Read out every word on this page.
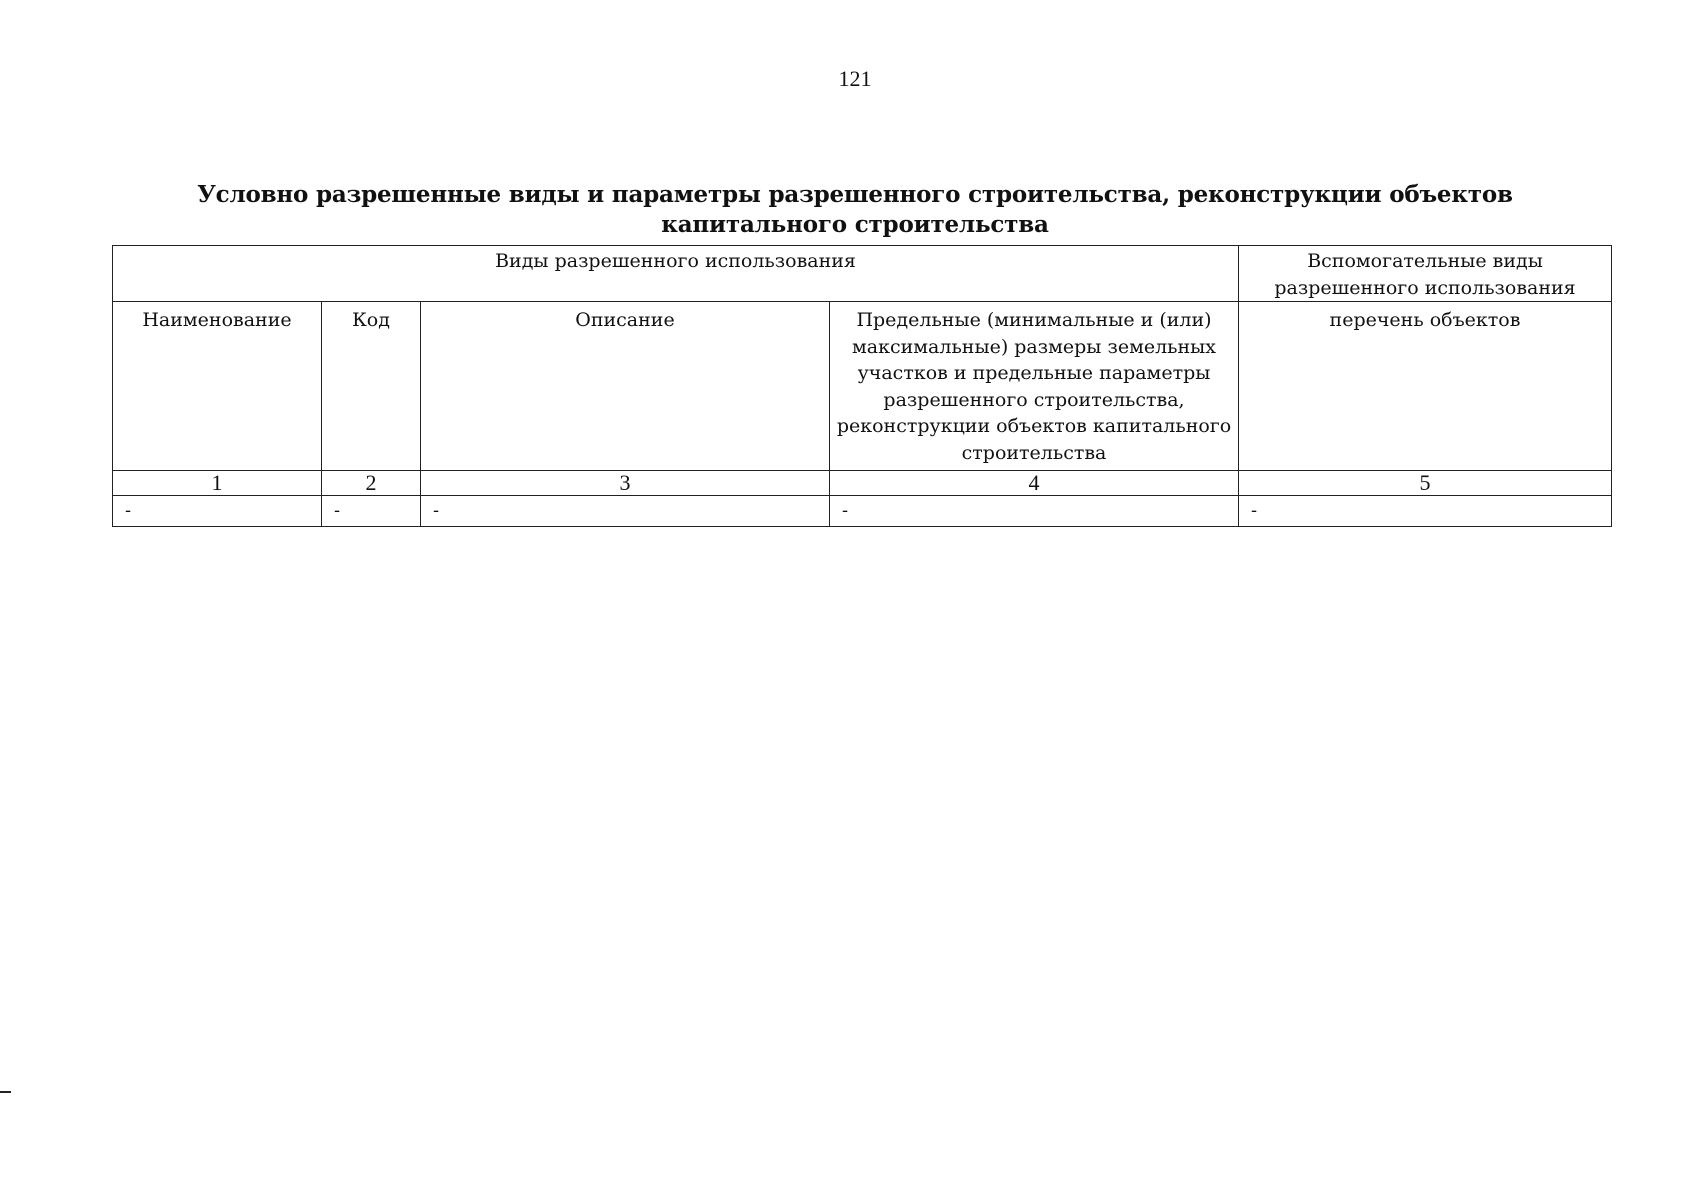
121
Условно разрешенные виды и параметры разрешенного строительства, реконструкции объектов капитального строительства
Виды разрешенного использования				Вспомогательные виды разрешенного использования
Наименование	Код	Описание	Предельные (минимальные и (или) максимальные) размеры земельных участков и предельные параметры разрешенного строительства, реконструкции объектов капитального строительства	перечень объектов
1	2	3	4	5
-	-	-	-	-
